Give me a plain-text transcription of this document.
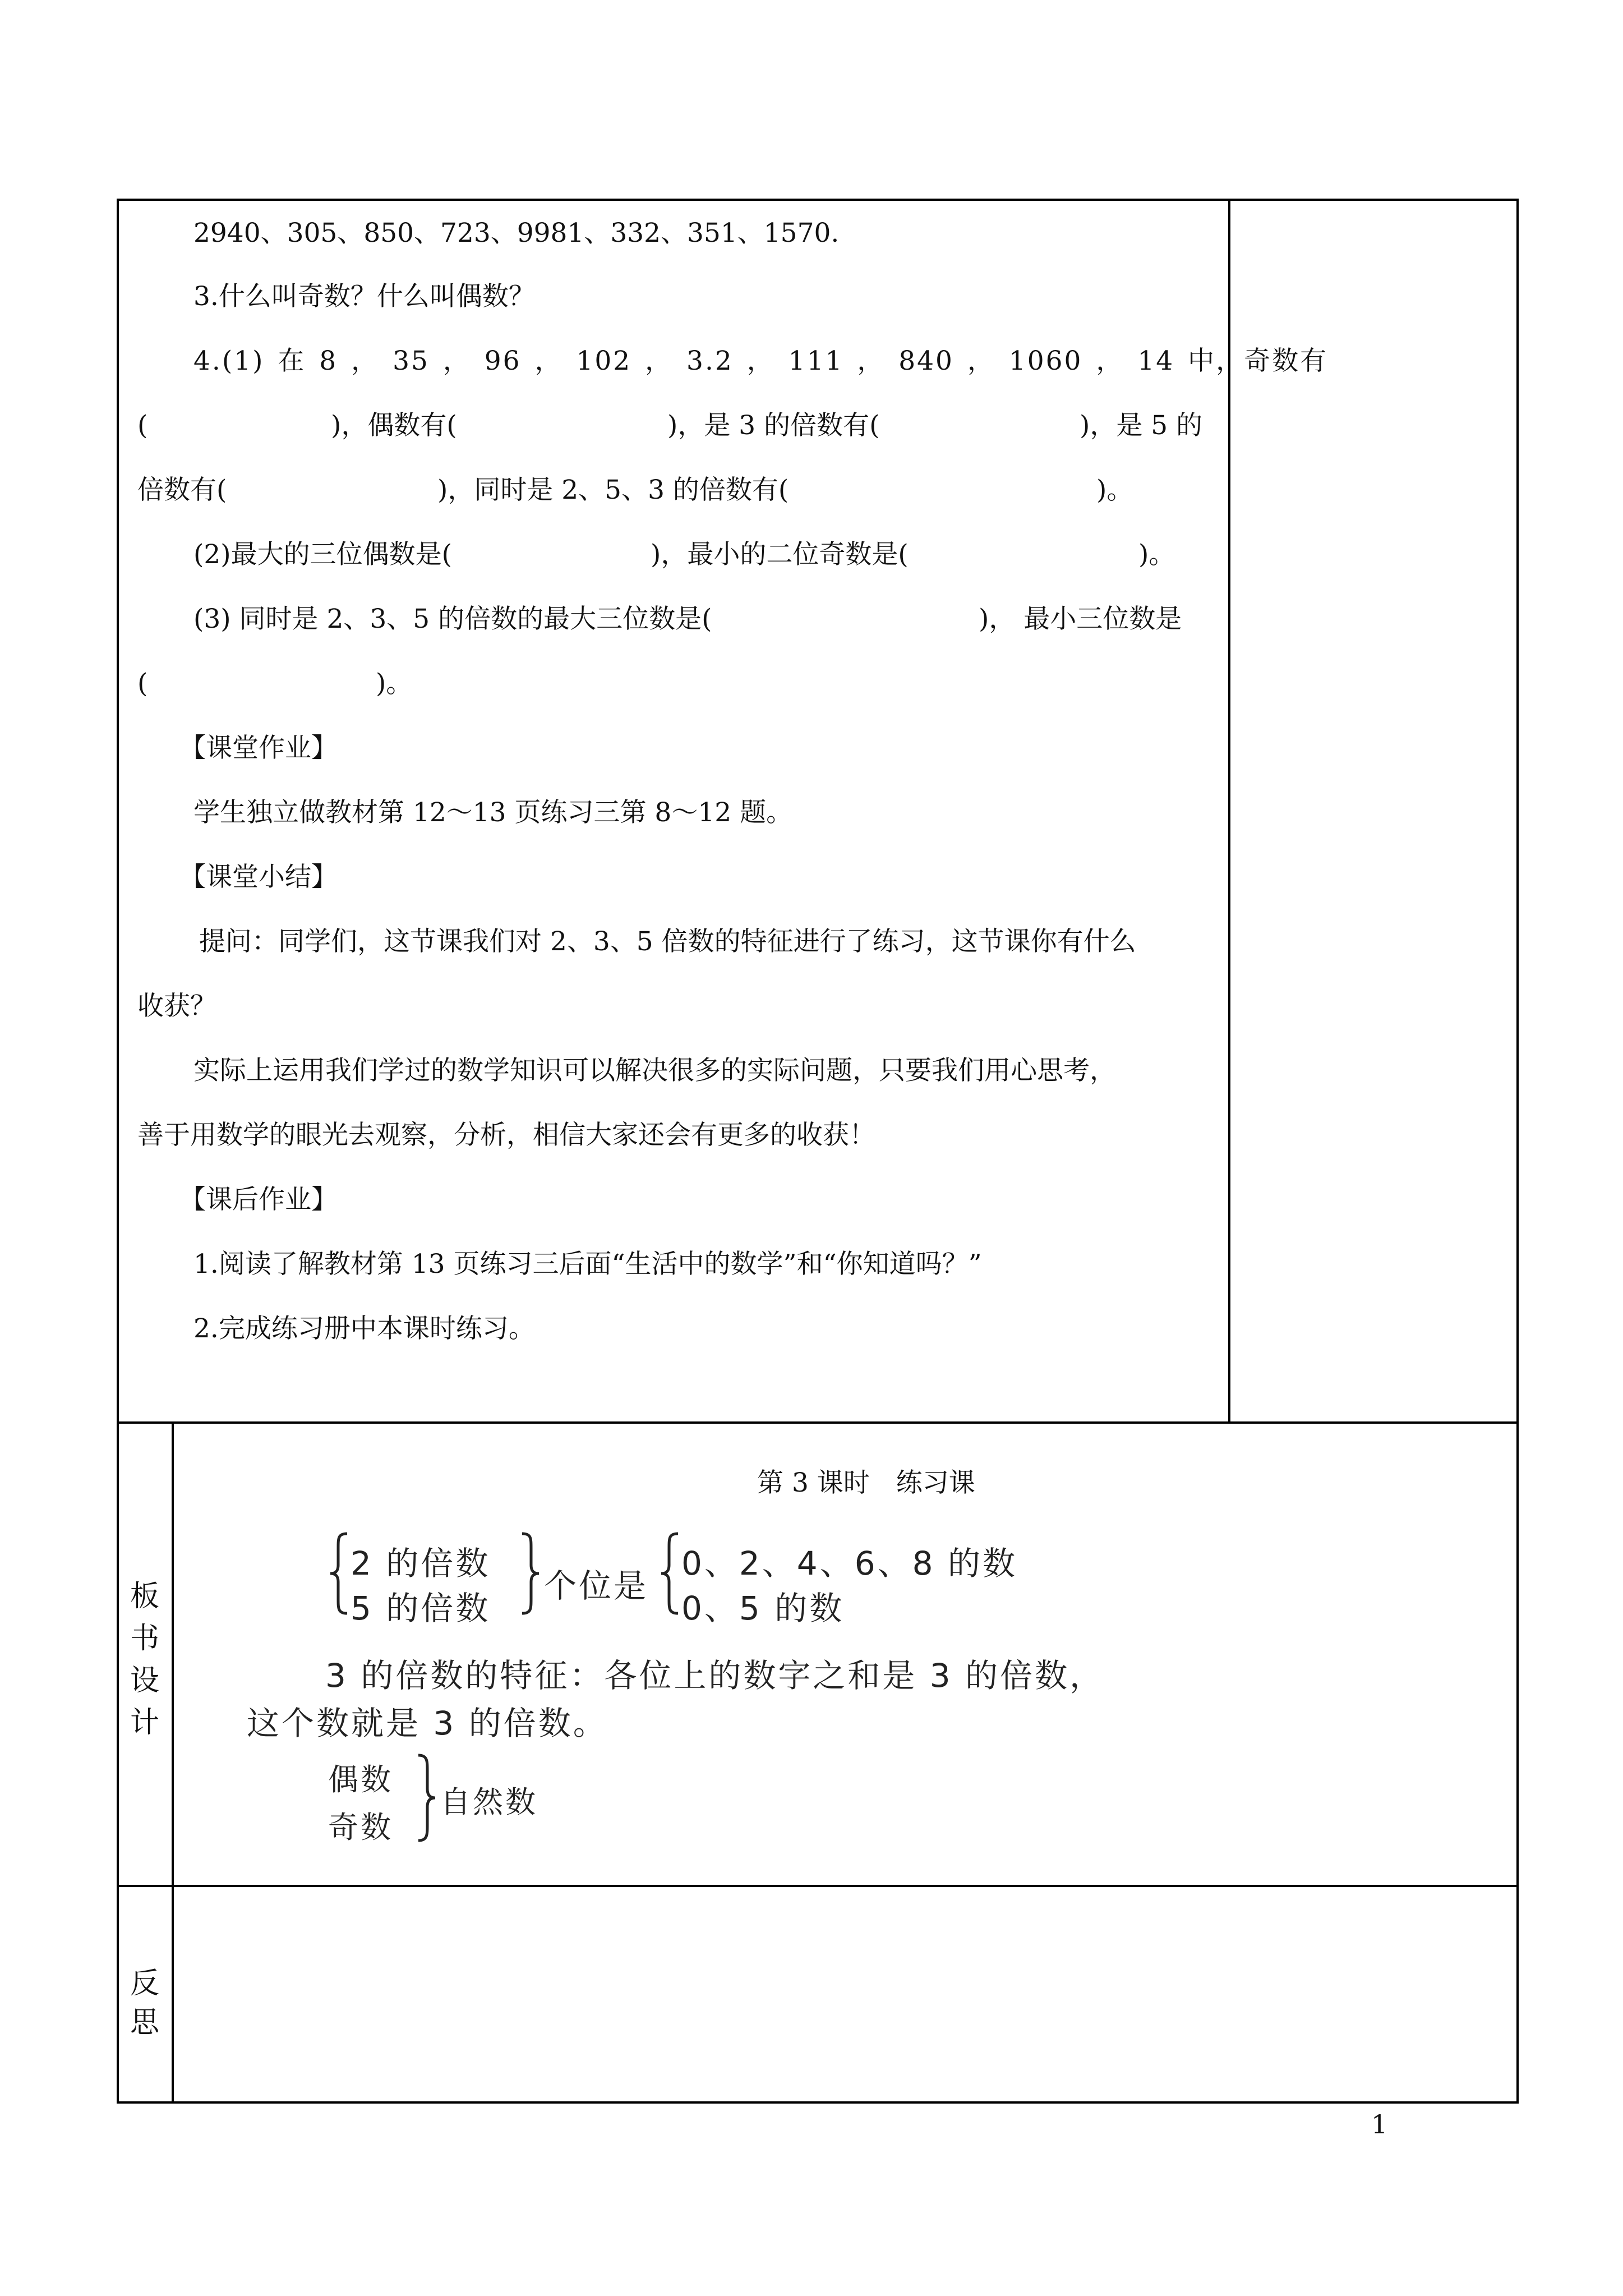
2940、305、850、723、9981、332、351、1570.
3.什么叫奇数？什么叫偶数？
4.(1) 在 8 ， 35 ， 96 ， 102 ， 3.2 ， 111 ， 840 ， 1060 ， 14 中，奇数有
(	)，偶数有(	)，是 3 的倍数有(	)，是 5 的
倍数有(	)，同时是 2、5、3 的倍数有(	)。
(2)最大的三位偶数是(	)，最小的二位奇数是(	)。
(3) 同时是 2、3、5 的倍数的最大三位数是(	)， 最小三位数是
(	)。
【课堂作业】
学生独立做教材第 12～13 页练习三第 8～12 题。
【课堂小结】
提问：同学们，这节课我们对 2、3、5 倍数的特征进行了练习，这节课你有什么
收获？
实际上运用我们学过的数学知识可以解决很多的实际问题，只要我们用心思考，
善于用数学的眼光去观察，分析，相信大家还会有更多的收获！
【课后作业】
1.阅读了解教材第 13 页练习三后面“生活中的数学”和“你知道吗？”
2.完成练习册中本课时练习。
板
书
设
计
第 3 课时　练习课
2 的倍数
5 的倍数
个位是
0、2、4、6、8 的数
0、5 的数
3 的倍数的特征：各位上的数字之和是 3 的倍数，
这个数就是 3 的倍数。
偶数
奇数
自然数
反
思
1
